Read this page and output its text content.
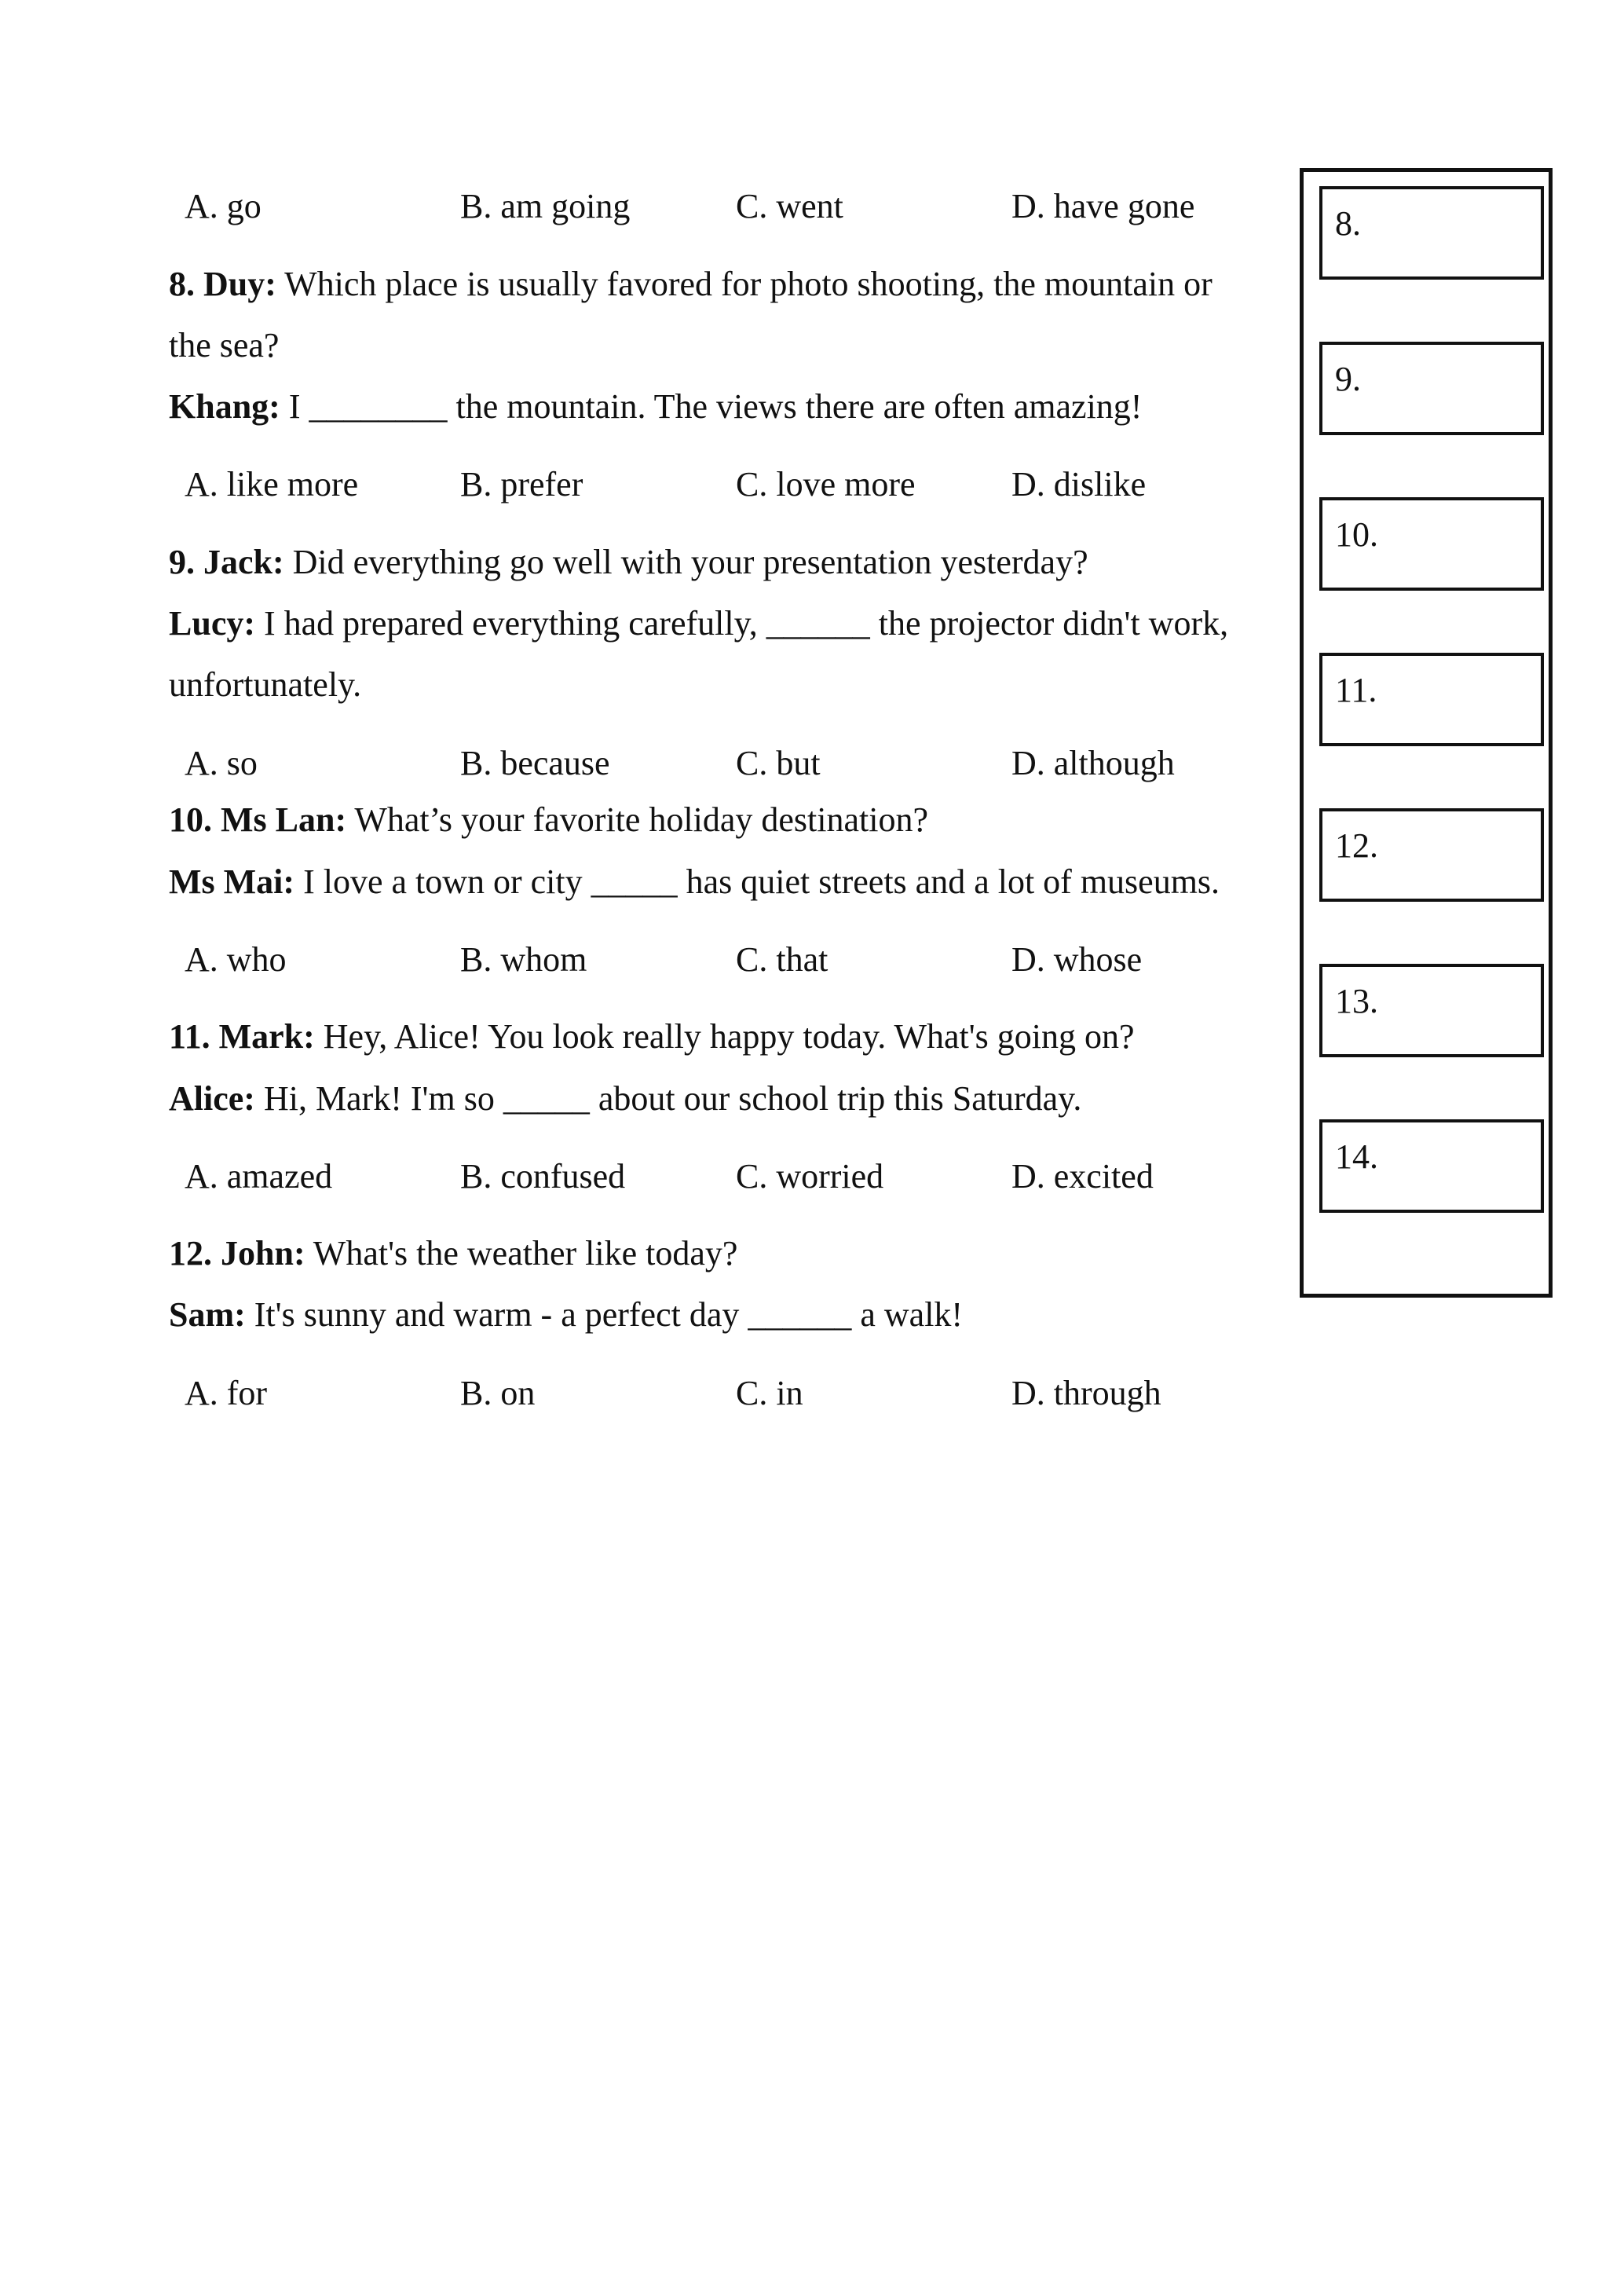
A. go	B. am going	C. went	D. have gone
8. Duy: Which place is usually favored for photo shooting, the mountain or
the sea?
Khang: I ________ the mountain. The views there are often amazing!
A. like more	B. prefer	C. love more	D. dislike
9. Jack: Did everything go well with your presentation yesterday?
Lucy: I had prepared everything carefully, ______ the projector didn't work,
unfortunately.
A. so	B. because	C. but	D. although
10. Ms Lan: What’s your favorite holiday destination?
Ms Mai: I love a town or city _____ has quiet streets and a lot of museums.
A. who	B. whom	C. that	D. whose
11. Mark: Hey, Alice! You look really happy today. What's going on?
Alice: Hi, Mark! I'm so _____ about our school trip this Saturday.
A. amazed	B. confused	C. worried	D. excited
12. John: What's the weather like today?
Sam: It's sunny and warm - a perfect day ______ a walk!
A. for	B. on	C. in	D. through
8.
9.
10.
11.
12.
13.
14.
